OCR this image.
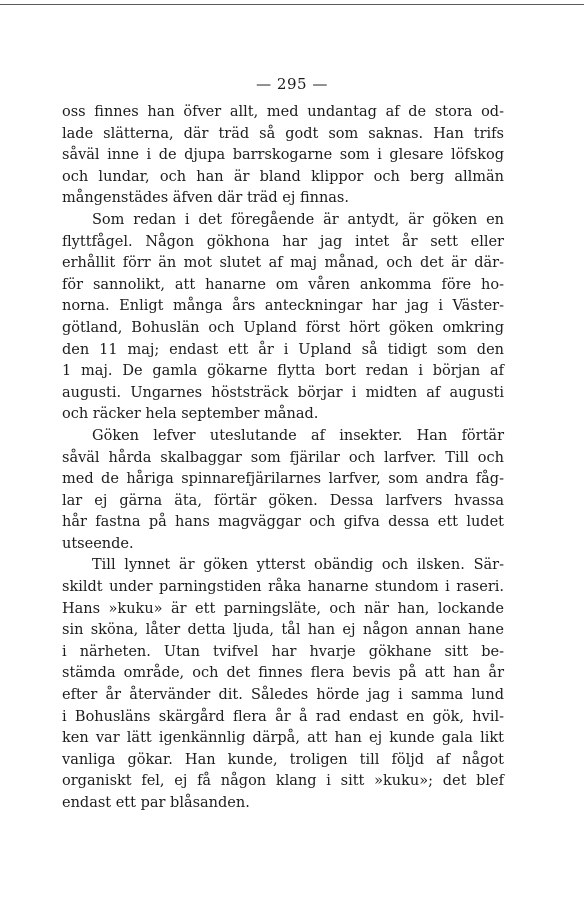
— 295 —
oss finnes han öfver allt, med undantag af de stora od-
lade slätterna, där träd så godt som saknas. Han trifs
såväl inne i de djupa barrskogarne som i glesare löfskog
och lundar, och han är bland klippor och berg allmän
mångenstädes äfven där träd ej finnas.
Som redan i det föregående är antydt, är göken en
flyttfågel. Någon gökhona har jag intet år sett eller
erhållit förr än mot slutet af maj månad, och det är där-
för sannolikt, att hanarne om våren ankomma före ho-
norna. Enligt många års anteckningar har jag i Väster-
götland, Bohuslän och Upland först hört göken omkring
den 11 maj; endast ett år i Upland så tidigt som den
1 maj. De gamla gökarne flytta bort redan i början af
augusti. Ungarnes höststräck börjar i midten af augusti
och räcker hela september månad.
Göken lefver uteslutande af insekter. Han förtär
såväl hårda skalbaggar som fjärilar och larfver. Till och
med de håriga spinnarefjärilarnes larfver, som andra fåg-
lar ej gärna äta, förtär göken. Dessa larfvers hvassa
hår fastna på hans magväggar och gifva dessa ett ludet
utseende.
Till lynnet är göken ytterst obändig och ilsken. Sär-
skildt under parningstiden råka hanarne stundom i raseri.
Hans »kuku» är ett parningsläte, och när han, lockande
sin sköna, låter detta ljuda, tål han ej någon annan hane
i närheten. Utan tvifvel har hvarje gökhane sitt be-
stämda område, och det finnes flera bevis på att han år
efter år återvänder dit. Således hörde jag i samma lund
i Bohusläns skärgård flera år å rad endast en gök, hvil-
ken var lätt igenkännlig därpå, att han ej kunde gala likt
vanliga gökar. Han kunde, troligen till följd af något
organiskt fel, ej få någon klang i sitt »kuku»; det blef
endast ett par blåsanden.
